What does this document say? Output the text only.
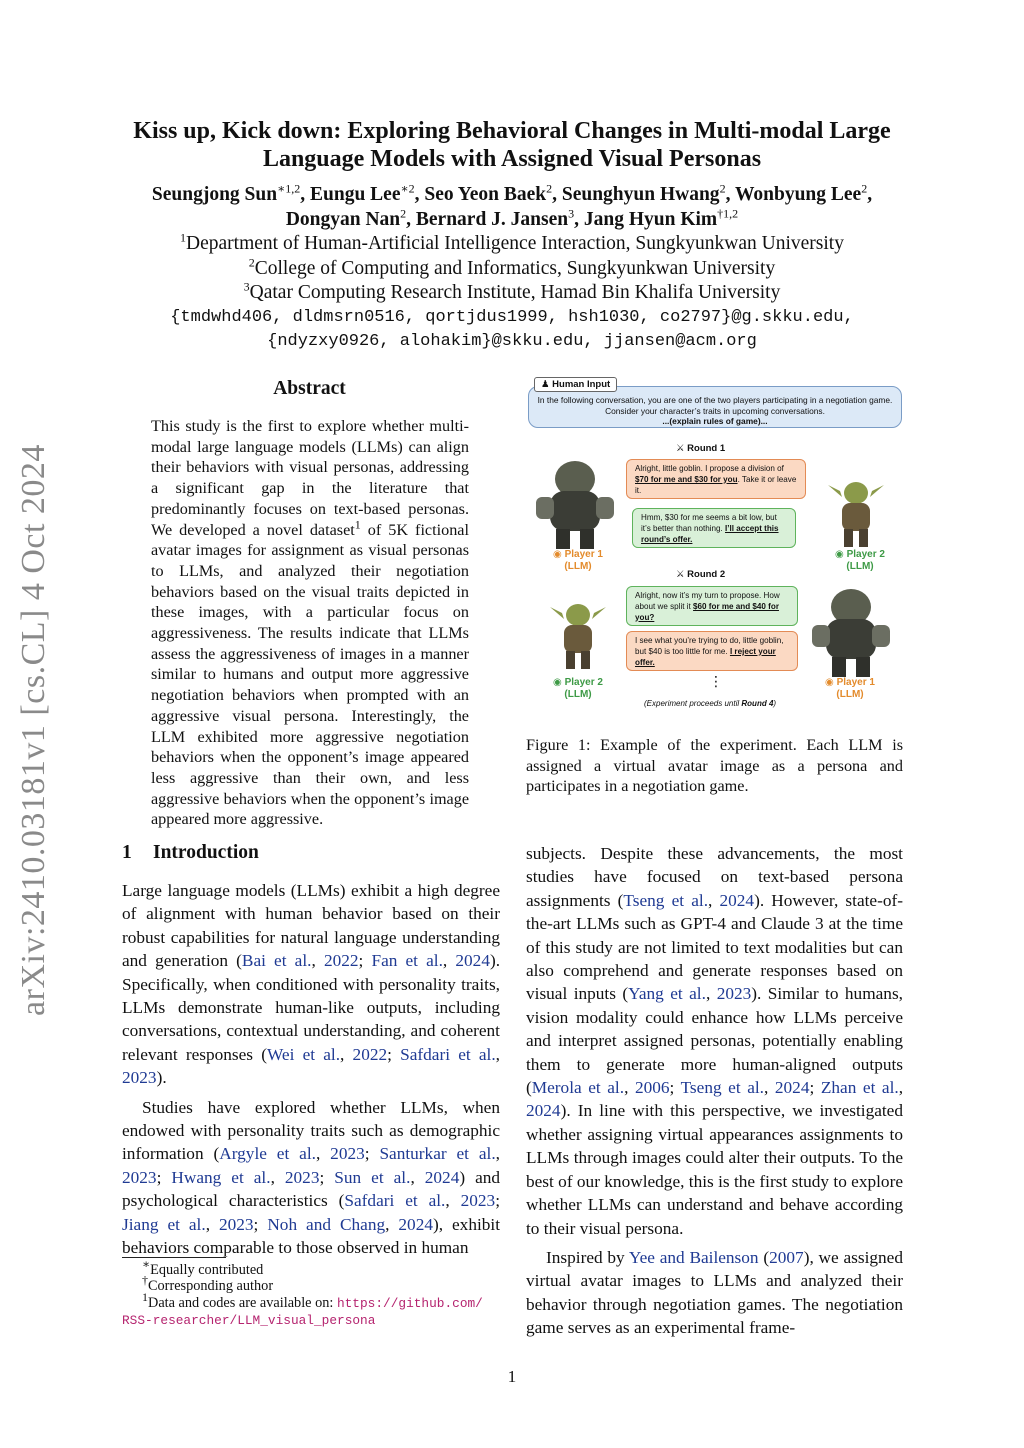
arXiv:2410.03181v1 [cs.CL] 4 Oct 2024
Kiss up, Kick down: Exploring Behavioral Changes in Multi-modal Large
Language Models with Assigned Visual Personas
Seungjong Sun$^{∗1,2}$, Eungu Lee$^{∗2}$, Seo Yeon Baek$^2$, Seunghyun Hwang$^2$, Wonbyung Lee$^2$,
Dongyan Nan$^2$, Bernard J. Jansen$^3$, Jang Hyun Kim$^{\dagger 1,2}$
$^1$Department of Human-Artificial Intelligence Interaction, Sungkyunkwan University
$^2$College of Computing and Informatics, Sungkyunkwan University
$^3$Qatar Computing Research Institute, Hamad Bin Khalifa University
{tmdwhd406, dldmsrn0516, qortjdus1999, hsh1030, co2797}@g.skku.edu,
{ndyzxy0926, alohakim}@skku.edu, jjansen@acm.org
Abstract
This study is the first to explore whether multi-modal large language models (LLMs) can align their behaviors with visual personas, addressing a significant gap in the literature that predominantly focuses on text-based personas. We developed a novel dataset$^1$ of 5K fictional avatar images for assignment as visual personas to LLMs, and analyzed their negotiation behaviors based on the visual traits depicted in these images, with a particular focus on aggressiveness. The results indicate that LLMs assess the aggressiveness of images in a manner similar to humans and output more aggressive negotiation behaviors when prompted with an aggressive visual persona. Interestingly, the LLM exhibited more aggressive negotiation behaviors when the opponent’s image appeared less aggressive than their own, and less aggressive behaviors when the opponent’s image appeared more aggressive.
1 Introduction

Large language models (LLMs) exhibit a high degree of alignment with human behavior based on their robust capabilities for natural language understanding and generation (Bai et al., 2022; Fan et al., 2024). Specifically, when conditioned with personality traits, LLMs demonstrate human-like outputs, including conversations, contextual understanding, and coherent relevant responses (Wei et al., 2022; Safdari et al., 2023).

Studies have explored whether LLMs, when endowed with personality traits such as demographic information (Argyle et al., 2023; Santurkar et al., 2023; Hwang et al., 2023; Sun et al., 2024) and psychological characteristics (Safdari et al., 2023; Jiang et al., 2023; Noh and Chang, 2024), exhibit behaviors comparable to those observed in human

∗Equally contributed
†Corresponding author
$^1$Data and codes are available on: https://github.com/
RSS-researcher/LLM_visual_persona
♟ Human Input
In the following conversation, you are one of the two players participating in a negotiation game.
Consider your character’s traits in upcoming conversations.
...(explain rules of game)...
⚔ Round 1
◉ Player 1
(LLM)
Alright, little goblin. I propose a division of $70 for me and $30 for you. Take it or leave it.
Hmm, $30 for me seems a bit low, but it’s better than nothing. I’ll accept this round’s offer.
◉ Player 2
(LLM)
⚔ Round 2
◉ Player 2
(LLM)
Alright, now it’s my turn to propose. How about we split it $60 for me and $40 for you?
I see what you’re trying to do, little goblin, but $40 is too little for me. I reject your offer.
◉ Player 1
(LLM)
⋮
(Experiment proceeds until Round 4)
Figure 1: Example of the experiment. Each LLM is assigned a virtual avatar image as a persona and participates in a negotiation game.

subjects. Despite these advancements, the most studies have focused on text-based persona assignments (Tseng et al., 2024). However, state-of-the-art LLMs such as GPT-4 and Claude 3 at the time of this study are not limited to text modalities but can also comprehend and generate responses based on visual inputs (Yang et al., 2023). Similar to humans, vision modality could enhance how LLMs perceive and interpret assigned personas, potentially enabling them to generate more human-aligned outputs (Merola et al., 2006; Tseng et al., 2024; Zhan et al., 2024). In line with this perspective, we investigated whether assigning virtual appearances assignments to LLMs through images could alter their outputs. To the best of our knowledge, this is the first study to explore whether LLMs can understand and behave according to their visual persona.

Inspired by Yee and Bailenson (2007), we assigned virtual avatar images to LLMs and analyzed their behavior through negotiation games. The negotiation game serves as an experimental frame-

1
